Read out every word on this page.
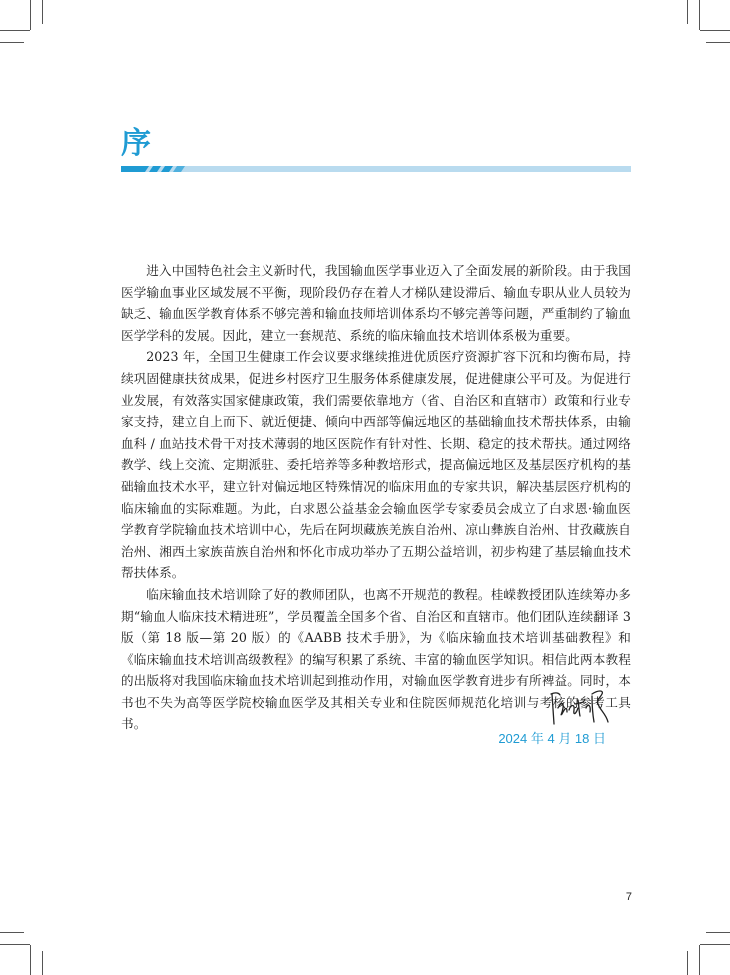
序

进入中国特色社会主义新时代，我国输血医学事业迈入了全面发展的新阶段。由于我国医学输血事业区域发展不平衡，现阶段仍存在着人才梯队建设滞后、输血专职从业人员较为缺乏、输血医学教育体系不够完善和输血技师培训体系均不够完善等问题，严重制约了输血医学学科的发展。因此，建立一套规范、系统的临床输血技术培训体系极为重要。

2023 年，全国卫生健康工作会议要求继续推进优质医疗资源扩容下沉和均衡布局，持续巩固健康扶贫成果，促进乡村医疗卫生服务体系健康发展，促进健康公平可及。为促进行业发展，有效落实国家健康政策，我们需要依靠地方（省、自治区和直辖市）政策和行业专家支持，建立自上而下、就近便捷、倾向中西部等偏远地区的基础输血技术帮扶体系，由输血科 / 血站技术骨干对技术薄弱的地区医院作有针对性、长期、稳定的技术帮扶。通过网络教学、线上交流、定期派驻、委托培养等多种教培形式，提高偏远地区及基层医疗机构的基础输血技术水平，建立针对偏远地区特殊情况的临床用血的专家共识，解决基层医疗机构的临床输血的实际难题。为此，白求恩公益基金会输血医学专家委员会成立了白求恩·输血医学教育学院输血技术培训中心，先后在阿坝藏族羌族自治州、凉山彝族自治州、甘孜藏族自治州、湘西土家族苗族自治州和怀化市成功举办了五期公益培训，初步构建了基层输血技术帮扶体系。

临床输血技术培训除了好的教师团队，也离不开规范的教程。桂嵘教授团队连续筹办多期“输血人临床技术精进班”，学员覆盖全国多个省、自治区和直辖市。他们团队连续翻译 3 版（第 18 版—第 20 版）的《AABB 技术手册》，为《临床输血技术培训基础教程》和《临床输血技术培训高级教程》的编写积累了系统、丰富的输血医学知识。相信此两本教程的出版将对我国临床输血技术培训起到推动作用，对输血医学教育进步有所裨益。同时，本书也不失为高等医学院校输血医学及其相关专业和住院医师规范化培训与考核的参考工具书。

2024 年 4 月 18 日
7
